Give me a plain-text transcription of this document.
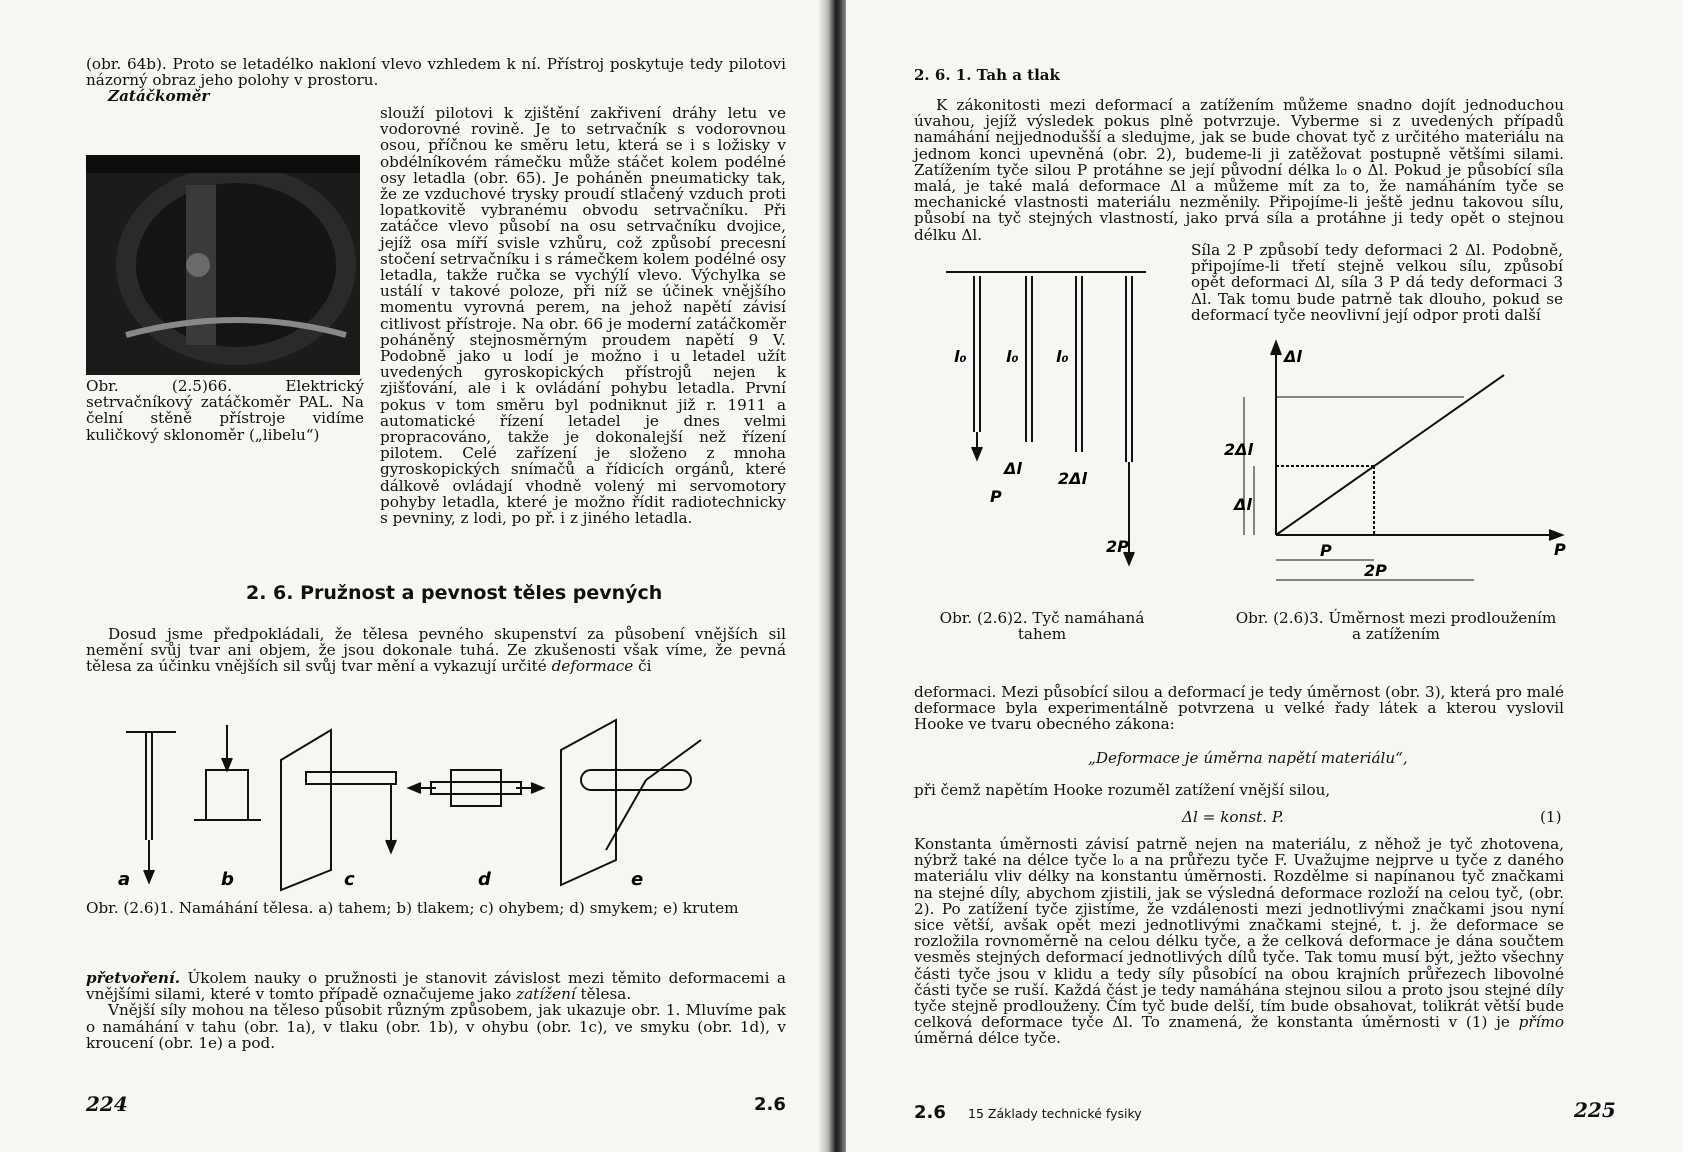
(obr. 64b). Proto se letadélko nakloní vlevo vzhledem k ní. Přístroj poskytuje tedy pilotovi názorný obraz jeho polohy v prostoru.

Zatáčkoměr

slouží pilotovi k zjištění zakřivení dráhy letu ve vodorovné rovině. Je to setrvačník s vodorovnou osou, příčnou ke směru letu, která se i s ložisky v obdélníkovém rámečku může stáčet kolem podélné osy letadla (obr. 65). Je poháněn pneumaticky tak, že ze vzduchové trysky proudí stlačený vzduch proti lopatkovitě vybranému obvodu setrvačníku. Při zatáčce vlevo působí na osu setrvačníku dvojice, jejíž osa míří svisle vzhůru, což způsobí precesní stočení setrvačníku i s rámečkem kolem podélné osy letadla, takže ručka se vychýlí vlevo. Výchylka se ustálí v takové poloze, při níž se účinek vnějšího momentu vyrovná perem, na jehož napětí závisí citlivost přístroje. Na obr. 66 je moderní zatáčkoměr poháněný stejnosměrným proudem napětí 9 V. Podobně jako u lodí je možno i u letadel užít uvedených gyroskopických přístrojů nejen k zjišťování, ale i k ovládání pohybu letadla. První pokus v tom směru byl podniknut již r. 1911 a automatické řízení letadel je dnes velmi propracováno, takže je dokonalejší než řízení pilotem. Celé zařízení je složeno z mnoha gyroskopických snímačů a řídicích orgánů, které dálkově ovládají vhodně volený mi servomotory pohyby letadla, které je možno řídit radiotechnicky s pevniny, z lodi, po př. i z jiného letadla.

Obr. (2.5)66. Elektrický setrvačníkový zatáčkoměr PAL. Na čelní stěně přístroje vidíme kuličkový sklonoměr („libelu“)
2. 6. Pružnost a pevnost těles pevných

Dosud jsme předpokládali, že tělesa pevného skupenství za působení vnějších sil nemění svůj tvar ani objem, že jsou dokonale tuhá. Ze zkušenosti však víme, že pevná tělesa za účinku vnějších sil svůj tvar mění a vykazují určité deformace či

a	b	c	d	e
Obr. (2.6)1. Namáhání tělesa. a) tahem; b) tlakem; c) ohybem; d) smykem; e) krutem

přetvoření. Úkolem nauky o pružnosti je stanovit závislost mezi těmito deformacemi a vnějšími silami, které v tomto případě označujeme jako zatížení tělesa.

Vnější síly mohou na těleso působit různým způsobem, jak ukazuje obr. 1. Mluvíme pak o namáhání v tahu (obr. 1a), v tlaku (obr. 1b), v ohybu (obr. 1c), ve smyku (obr. 1d), v kroucení (obr. 1e) a pod.

224	2.6
2. 6. 1. Tah a tlak
K zákonitosti mezi deformací a zatížením můžeme snadno dojít jednoduchou úvahou, jejíž výsledek pokus plně potvrzuje. Vyberme si z uvedených případů namáhání nejjednodušší a sledujme, jak se bude chovat tyč z určitého materiálu na jednom konci upevněná (obr. 2), budeme-li ji zatěžovat postupně většími silami. Zatížením tyče silou P protáhne se její původní délka l₀ o Δl. Pokud je působící síla malá, je také malá deformace Δl a můžeme mít za to, že namáháním tyče se mechanické vlastnosti materiálu nezměnily. Připojíme-li ještě jednu takovou sílu, působí na tyč stejných vlastností, jako prvá síla a protáhne ji tedy opět o stejnou délku Δl.
Síla 2 P způsobí tedy deformaci 2 Δl. Podobně, připojíme-li třetí stejně velkou sílu, způsobí opět deformaci Δl, síla 3 P dá tedy deformaci 3 Δl. Tak tomu bude patrně tak dlouho, pokud se deformací tyče neovlivní její odpor proti další
l₀ l₀ l₀
Δl
2Δl
P
2P
Δl
2Δl
Δl
P	P
2P
Obr. (2.6)2. Tyč namáhaná tahem
Obr. (2.6)3. Úměrnost mezi prodloužením a zatížením
deformaci. Mezi působící silou a deformací je tedy úměrnost (obr. 3), která pro malé deformace byla experimentálně potvrzena u velké řady látek a kterou vyslovil Hooke ve tvaru obecného zákona:
„Deformace je úměrna napětí materiálu“,
při čemž napětím Hooke rozuměl zatížení vnější silou,
Δl = konst. P.	(1)
Konstanta úměrnosti závisí patrně nejen na materiálu, z něhož je tyč zhotovena, nýbrž také na délce tyče l₀ a na průřezu tyče F. Uvažujme nejprve u tyče z daného materiálu vliv délky na konstantu úměrnosti. Rozdělme si napínanou tyč značkami na stejné díly, abychom zjistili, jak se výsledná deformace rozloží na celou tyč, (obr. 2). Po zatížení tyče zjistíme, že vzdálenosti mezi jednotlivými značkami jsou nyní sice větší, avšak opět mezi jednotlivými značkami stejné, t. j. že deformace se rozložila rovnoměrně na celou délku tyče, a že celková deformace je dána součtem vesměs stejných deformací jednotlivých dílů tyče. Tak tomu musí být, ježto všechny části tyče jsou v klidu a tedy síly působící na obou krajních průřezech libovolné části tyče se ruší. Každá část je tedy namáhána stejnou silou a proto jsou stejné díly tyče stejně prodlouženy. Čím tyč bude delší, tím bude obsahovat, tolikrát větší bude celková deformace tyče Δl. To znamená, že konstanta úměrnosti v (1) je přímo úměrná délce tyče.
2.6 15 Základy technické fysiky	225
